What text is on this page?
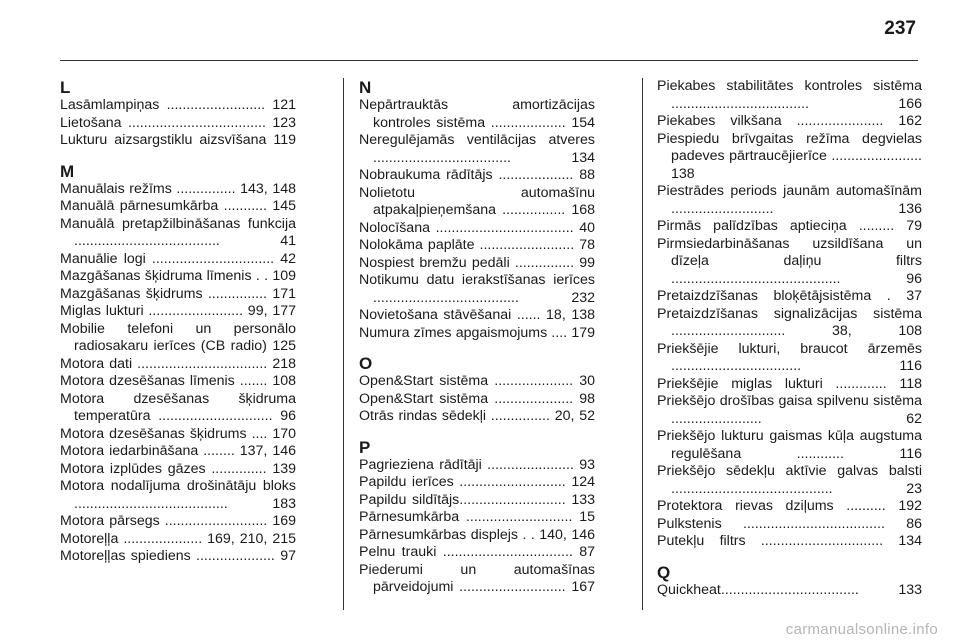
237
L
Lasāmlampiņas ......................... 121
Lietošana ................................... 123
Lukturu aizsargstiklu aizsvīšana 119
M
Manuālais režīms ............... 143, 148
Manuālā pārnesumkārba ........... 145
Manuālā pretapžilbināšanas funkcija ..................................... 41
Manuālie logi ............................... 42
Mazgāšanas šķidruma līmenis . . 109
Mazgāšanas šķidrums ............... 171
Miglas lukturi ........................ 99, 177
Mobilie telefoni un personālo radiosakaru ierīces (CB radio) 125
Motora dati ................................. 218
Motora dzesēšanas līmenis ....... 108
Motora dzesēšanas šķidruma temperatūra ............................. 96
Motora dzesēšanas šķidrums .... 170
Motora iedarbināšana ........ 137, 146
Motora izplūdes gāzes .............. 139
Motora nodalījuma drošinātāju bloks ....................................... 183
Motora pārsegs .......................... 169
Motoreļļa .................... 169, 210, 215
Motoreļļas spiediens .................... 97
N
Nepārtrauktās amortizācijas kontroles sistēma ................... 154
Neregulējamās ventilācijas atveres ................................... 134
Nobraukuma rādītājs ................... 88
Nolietotu automašīnu atpakaļpieņemšana ................ 168
Nolocīšana ................................... 40
Nolokāma paplāte ........................ 78
Nospiest bremžu pedāli ............... 99
Notikumu datu ierakstīšanas ierīces ..................................... 232
Novietošana stāvēšanai ...... 18, 138
Numura zīmes apgaismojums .... 179
O
Open&Start sistēma .................... 30
Open&Start sistēma .................... 98
Otrās rindas sēdekļi ............... 20, 52
P
Pagrieziena rādītāji ...................... 93
Papildu ierīces ........................... 124
Papildu sildītājs........................... 133
Pārnesumkārba ........................... 15
Pārnesumkārbas displejs . . 140, 146
Pelnu trauki ................................. 87
Piederumi un automašīnas pārveidojumi ........................... 167
Piekabes stabilitātes kontroles sistēma ................................... 166
Piekabes vilkšana ...................... 162
Piespiedu brīvgaitas režīma degvielas padeves pārtraucējierīce ....................... 138
Piestrādes periods jaunām automašīnām .......................... 136
Pirmās palīdzības aptieciņa ......... 79
Pirmsiedarbināšanas uzsildīšana un dīzeļa daļiņu filtrs ........................................... 96
Pretaizdzīšanas bloķētājsistēma . 37
Pretaizdzīšanas signalizācijas sistēma ............................. 38, 108
Priekšējie lukturi, braucot ārzemēs ................................. 116
Priekšējie miglas lukturi ............. 118
Priekšējo drošības gaisa spilvenu sistēma ....................... 62
Priekšējo lukturu gaismas kūļa augstuma regulēšana ............ 116
Priekšējo sēdekļu aktīvie galvas balsti ......................................... 23
Protektora rievas dziļums .......... 192
Pulkstenis .................................... 86
Putekļu filtrs ............................... 134
Q
Quickheat................................... 133
carmanualsonline.info
